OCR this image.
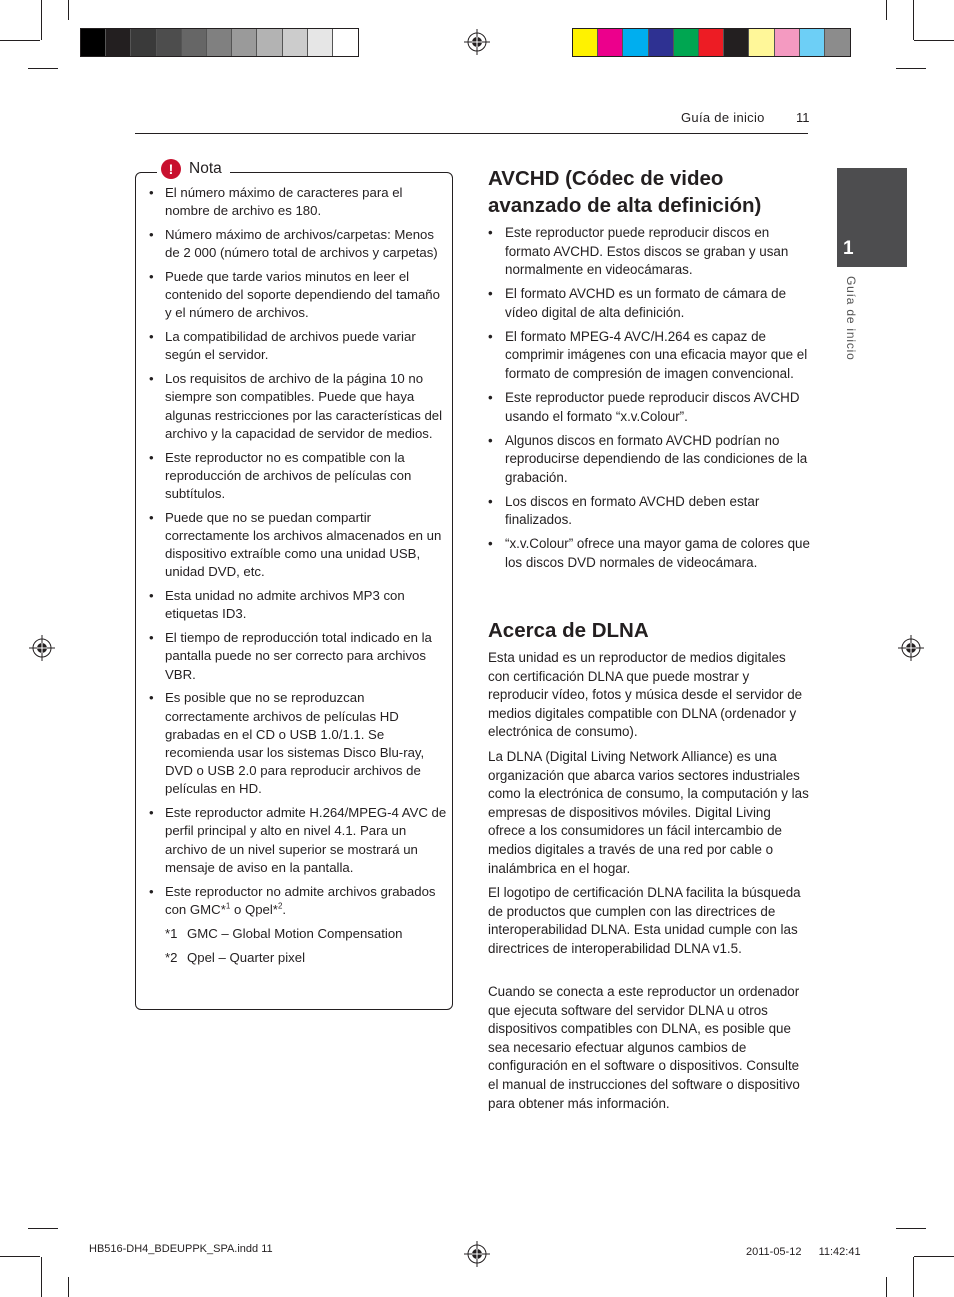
Guía de inicio 11
1
Guía de inicio
!	Nota
• El número máximo de caracteres para el nombre de archivo es 180.
• Número máximo de archivos/carpetas: Menos de 2 000 (número total de archivos y carpetas)
• Puede que tarde varios minutos en leer el contenido del soporte dependiendo del tamaño y el número de archivos.
• La compatibilidad de archivos puede variar según el servidor.
• Los requisitos de archivo de la página 10 no siempre son compatibles. Puede que haya algunas restricciones por las características del archivo y la capacidad de servidor de medios.
• Este reproductor no es compatible con la reproducción de archivos de películas con subtítulos.
• Puede que no se puedan compartir correctamente los archivos almacenados en un dispositivo extraíble como una unidad USB, unidad DVD, etc.
• Esta unidad no admite archivos MP3 con etiquetas ID3.
• El tiempo de reproducción total indicado en la pantalla puede no ser correcto para archivos VBR.
• Es posible que no se reproduzcan correctamente archivos de películas HD grabadas en el CD o USB 1.0/1.1. Se recomienda usar los sistemas Disco Blu-ray, DVD o USB 2.0 para reproducir archivos de películas en HD.
• Este reproductor admite H.264/MPEG-4 AVC de perfil principal y alto en nivel 4.1. Para un archivo de un nivel superior se mostrará un mensaje de aviso en la pantalla.
• Este reproductor no admite archivos grabados con GMC*$^1$ o Qpel*$^2$.
*1 GMC – Global Motion Compensation
*2 Qpel – Quarter pixel
AVCHD (Códec de video
avanzado de alta definición)
• Este reproductor puede reproducir discos en formato AVCHD. Estos discos se graban y usan normalmente en videocámaras.
• El formato AVCHD es un formato de cámara de vídeo digital de alta definición.
• El formato MPEG-4 AVC/H.264 es capaz de comprimir imágenes con una eficacia mayor que el formato de compresión de imagen convencional.
• Este reproductor puede reproducir discos AVCHD usando el formato “x.v.Colour”.
• Algunos discos en formato AVCHD podrían no reproducirse dependiendo de las condiciones de la grabación.
• Los discos en formato AVCHD deben estar finalizados.
• “x.v.Colour” ofrece una mayor gama de colores que los discos DVD normales de videocámara.
Acerca de DLNA

Esta unidad es un reproductor de medios digitales con certificación DLNA que puede mostrar y reproducir vídeo, fotos y música desde el servidor de medios digitales compatible con DLNA (ordenador y electrónica de consumo).

La DLNA (Digital Living Network Alliance) es una organización que abarca varios sectores industriales como la electrónica de consumo, la computación y las empresas de dispositivos móviles. Digital Living ofrece a los consumidores un fácil intercambio de medios digitales a través de una red por cable o inalámbrica en el hogar.

El logotipo de certificación DLNA facilita la búsqueda de productos que cumplen con las directrices de interoperabilidad DLNA. Esta unidad cumple con las directrices de interoperabilidad DLNA v1.5.

Cuando se conecta a este reproductor un ordenador que ejecuta software del servidor DLNA u otros dispositivos compatibles con DLNA, es posible que sea necesario efectuar algunos cambios de configuración en el software o dispositivos. Consulte el manual de instrucciones del software o dispositivo para obtener más información.

HB516-DH4_BDEUPPK_SPA.indd 11	2011-05-12 　 11:42:41
